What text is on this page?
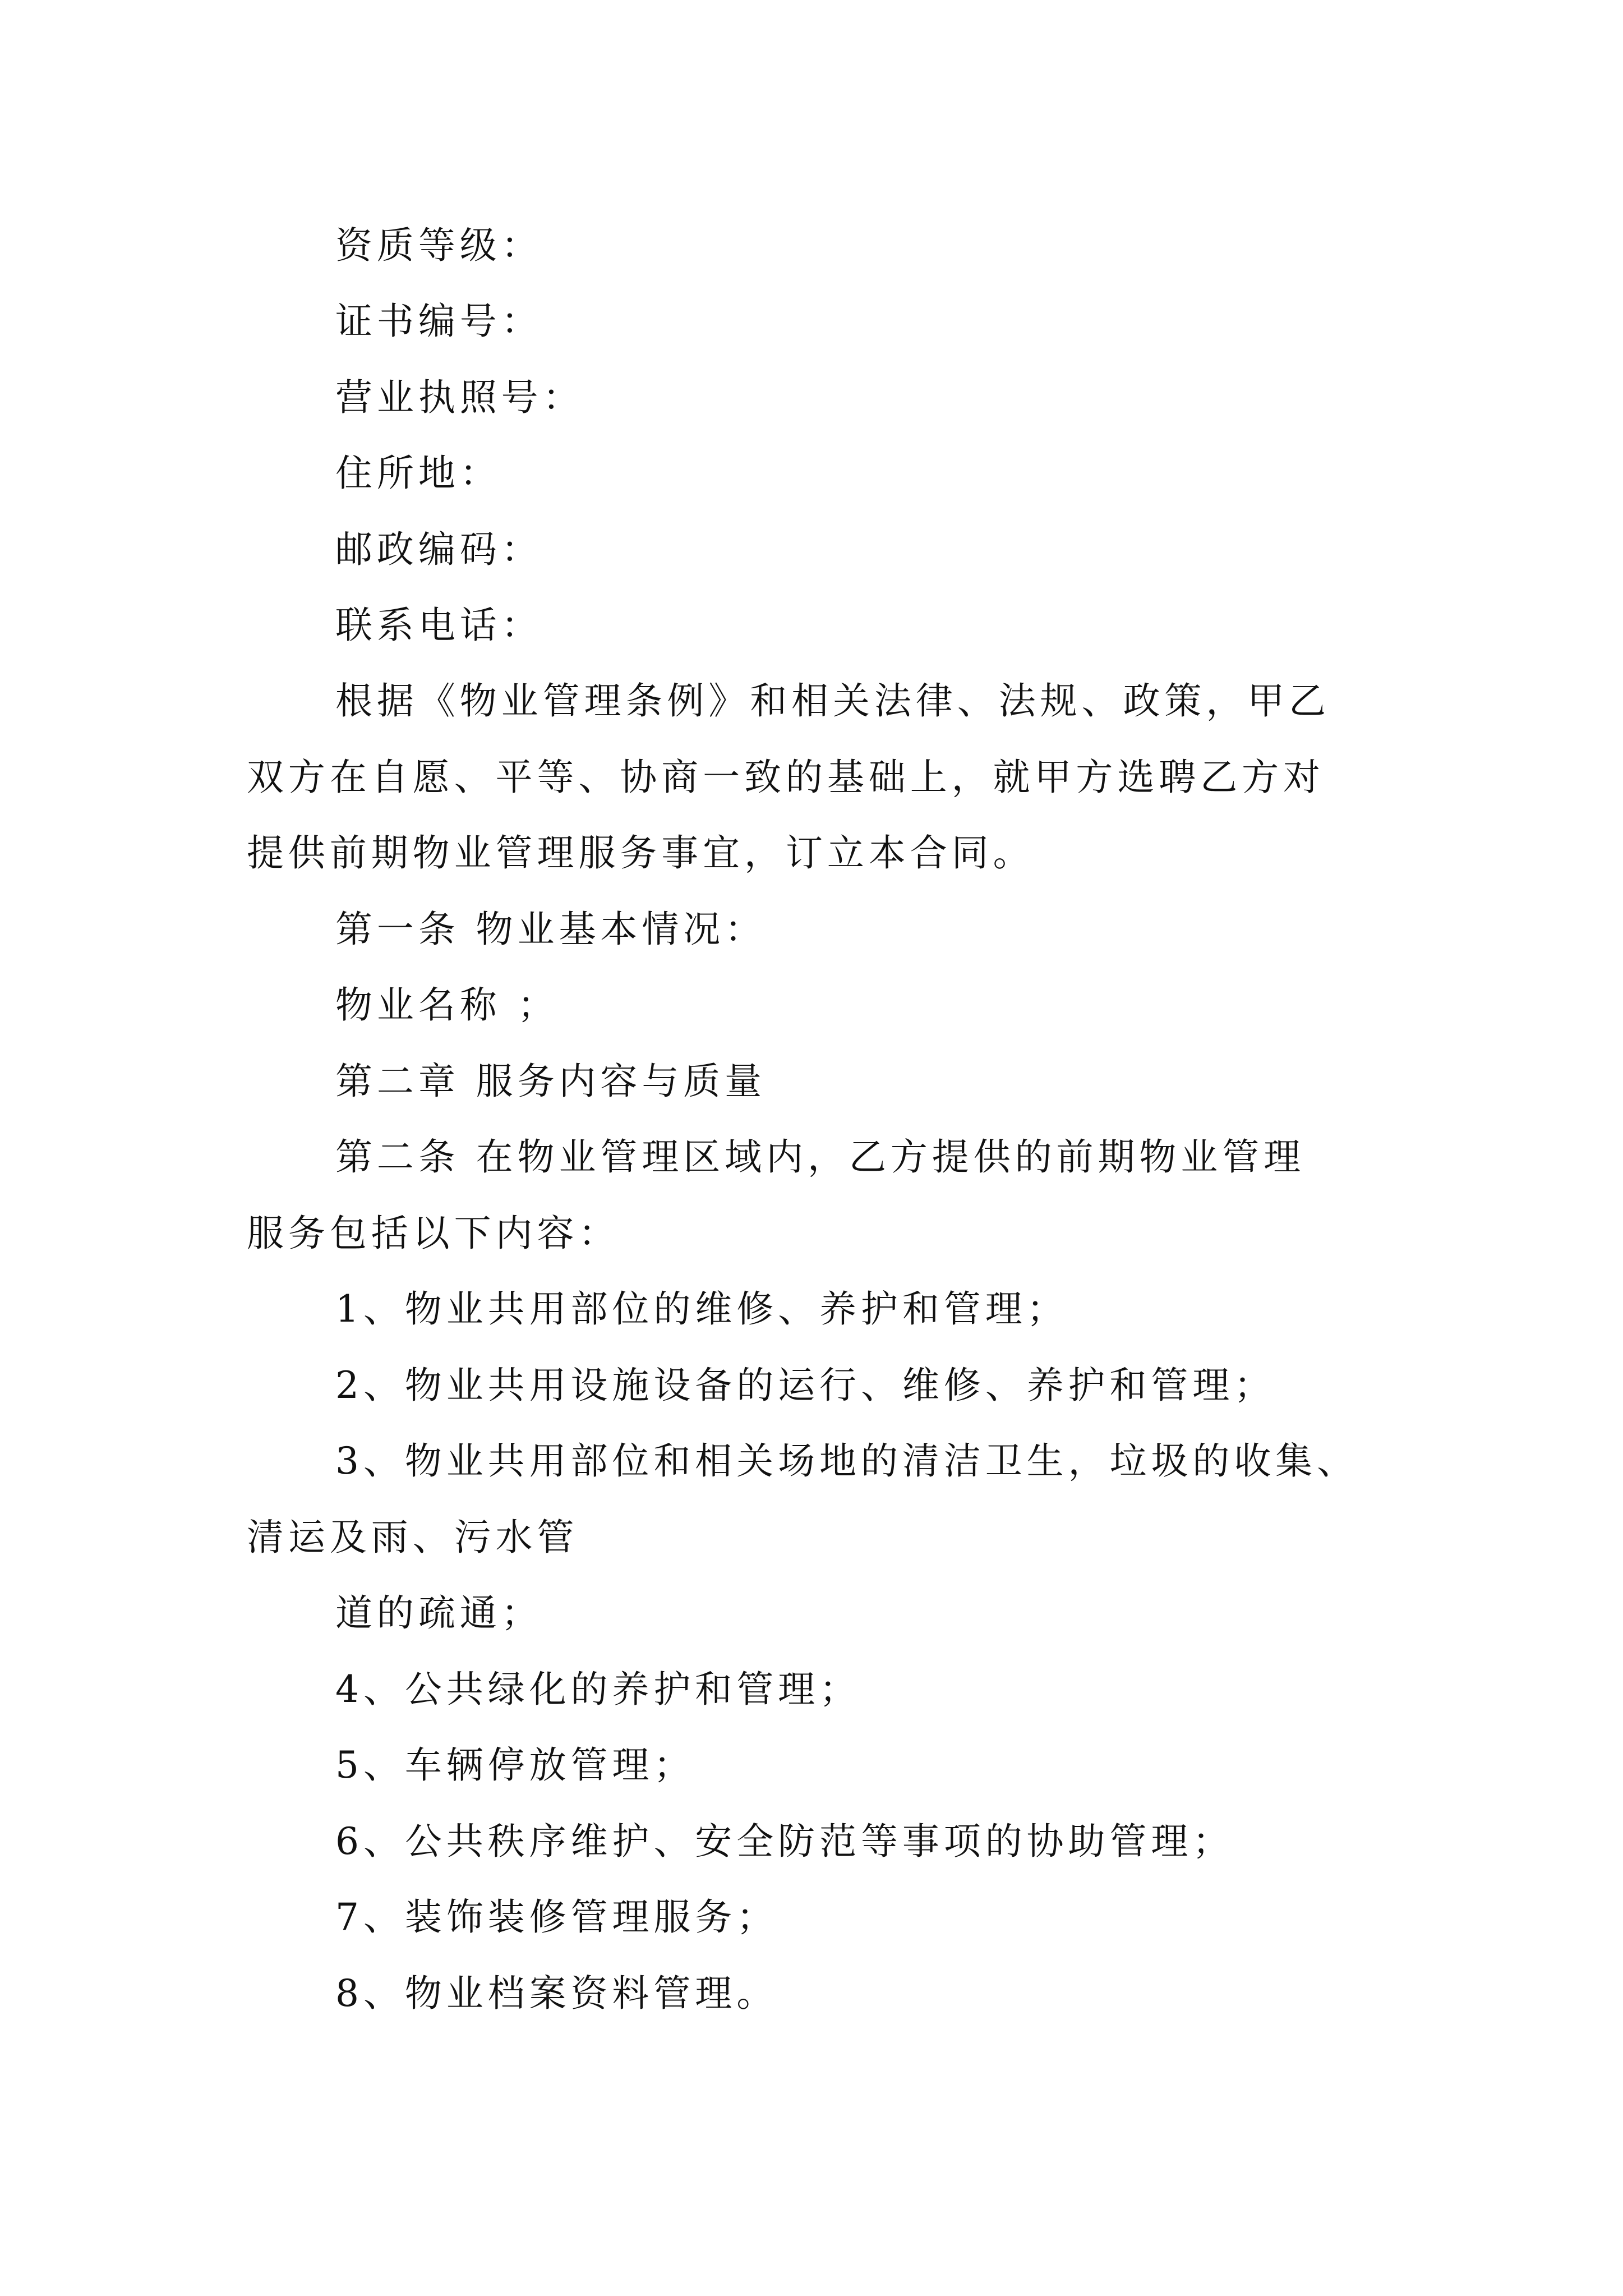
资质等级：
证书编号：
营业执照号：
住所地：
邮政编码：
联系电话：
根据《物业管理条例》和相关法律、法规、政策，甲乙
双方在自愿、平等、协商一致的基础上，就甲方选聘乙方对
提供前期物业管理服务事宜，订立本合同。
第一条 物业基本情况：
物业名称 ；
第二章 服务内容与质量
第二条 在物业管理区域内，乙方提供的前期物业管理
服务包括以下内容：
1、物业共用部位的维修、养护和管理；
2、物业共用设施设备的运行、维修、养护和管理；
3、物业共用部位和相关场地的清洁卫生，垃圾的收集、
清运及雨、污水管
道的疏通；
4、公共绿化的养护和管理；
5、车辆停放管理；
6、公共秩序维护、安全防范等事项的协助管理；
7、装饰装修管理服务；
8、物业档案资料管理。
